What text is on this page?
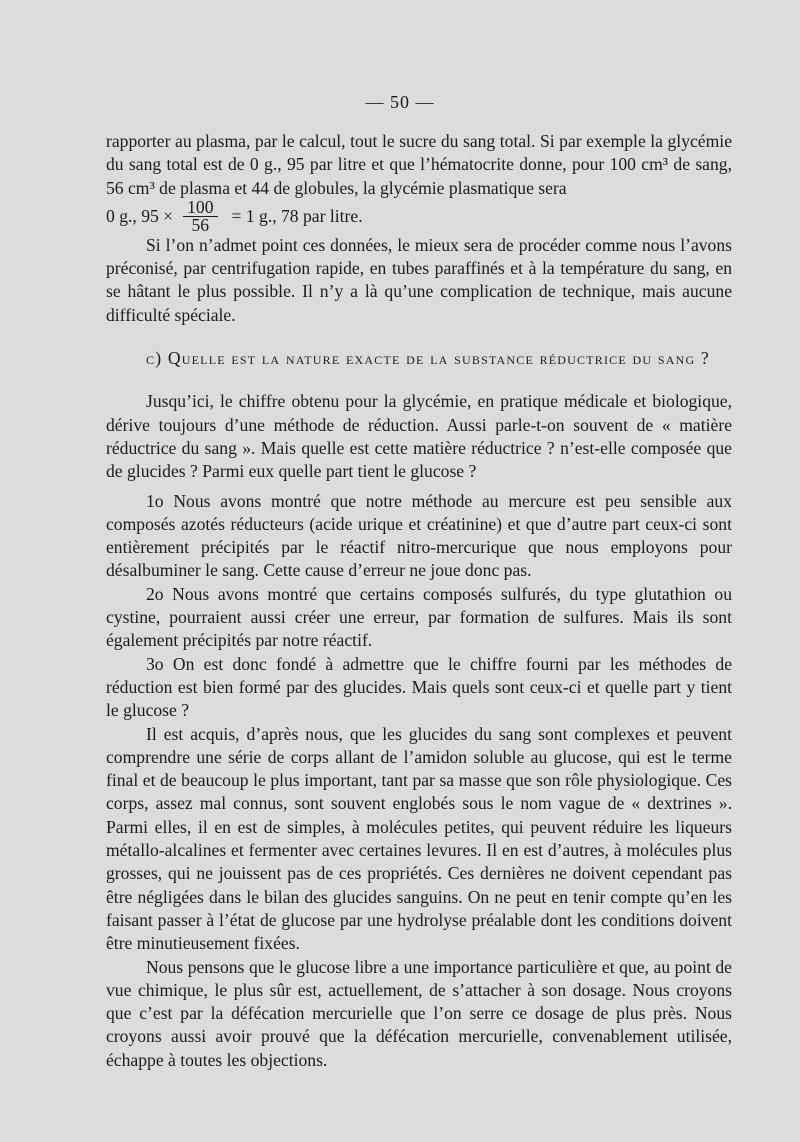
— 50 —

rapporter au plasma, par le calcul, tout le sucre du sang total. Si par exemple la glycémie du sang total est de 0 g., 95 par litre et que l’hématocrite donne, pour 100 cm³ de sang, 56 cm³ de plasma et 44 de globules, la glycémie plasmatique sera

0 g., $95 \times \frac{100}{56} = 1$ g., 78 par litre.

Si l’on n’admet point ces données, le mieux sera de procéder comme nous l’avons préconisé, par centrifugation rapide, en tubes paraffinés et à la température du sang, en se hâtant le plus possible. Il n’y a là qu’une complication de technique, mais aucune difficulté spéciale.

c) Quelle est la nature exacte de la substance réductrice du sang ?

Jusqu’ici, le chiffre obtenu pour la glycémie, en pratique médicale et biologique, dérive toujours d’une méthode de réduction. Aussi parle-t-on souvent de « matière réductrice du sang ». Mais quelle est cette matière réductrice ? n’est-elle composée que de glucides ? Parmi eux quelle part tient le glucose ?

1o Nous avons montré que notre méthode au mercure est peu sensible aux composés azotés réducteurs (acide urique et créatinine) et que d’autre part ceux-ci sont entièrement précipités par le réactif nitro-mercurique que nous employons pour désalbuminer le sang. Cette cause d’erreur ne joue donc pas.

2o Nous avons montré que certains composés sulfurés, du type glutathion ou cystine, pourraient aussi créer une erreur, par formation de sulfures. Mais ils sont également précipités par notre réactif.

3o On est donc fondé à admettre que le chiffre fourni par les méthodes de réduction est bien formé par des glucides. Mais quels sont ceux-ci et quelle part y tient le glucose ?

Il est acquis, d’après nous, que les glucides du sang sont complexes et peuvent comprendre une série de corps allant de l’amidon soluble au glucose, qui est le terme final et de beaucoup le plus important, tant par sa masse que son rôle physiologique. Ces corps, assez mal connus, sont souvent englobés sous le nom vague de « dextrines ». Parmi elles, il en est de simples, à molécules petites, qui peuvent réduire les liqueurs métallo-alcalines et fermenter avec certaines levures. Il en est d’autres, à molécules plus grosses, qui ne jouissent pas de ces propriétés. Ces dernières ne doivent cependant pas être négligées dans le bilan des glucides sanguins. On ne peut en tenir compte qu’en les faisant passer à l’état de glucose par une hydrolyse préalable dont les conditions doivent être minutieusement fixées.

Nous pensons que le glucose libre a une importance particulière et que, au point de vue chimique, le plus sûr est, actuellement, de s’attacher à son dosage. Nous croyons que c’est par la défécation mercurielle que l’on serre ce dosage de plus près. Nous croyons aussi avoir prouvé que la défécation mercurielle, convenablement utilisée, échappe à toutes les objections.
